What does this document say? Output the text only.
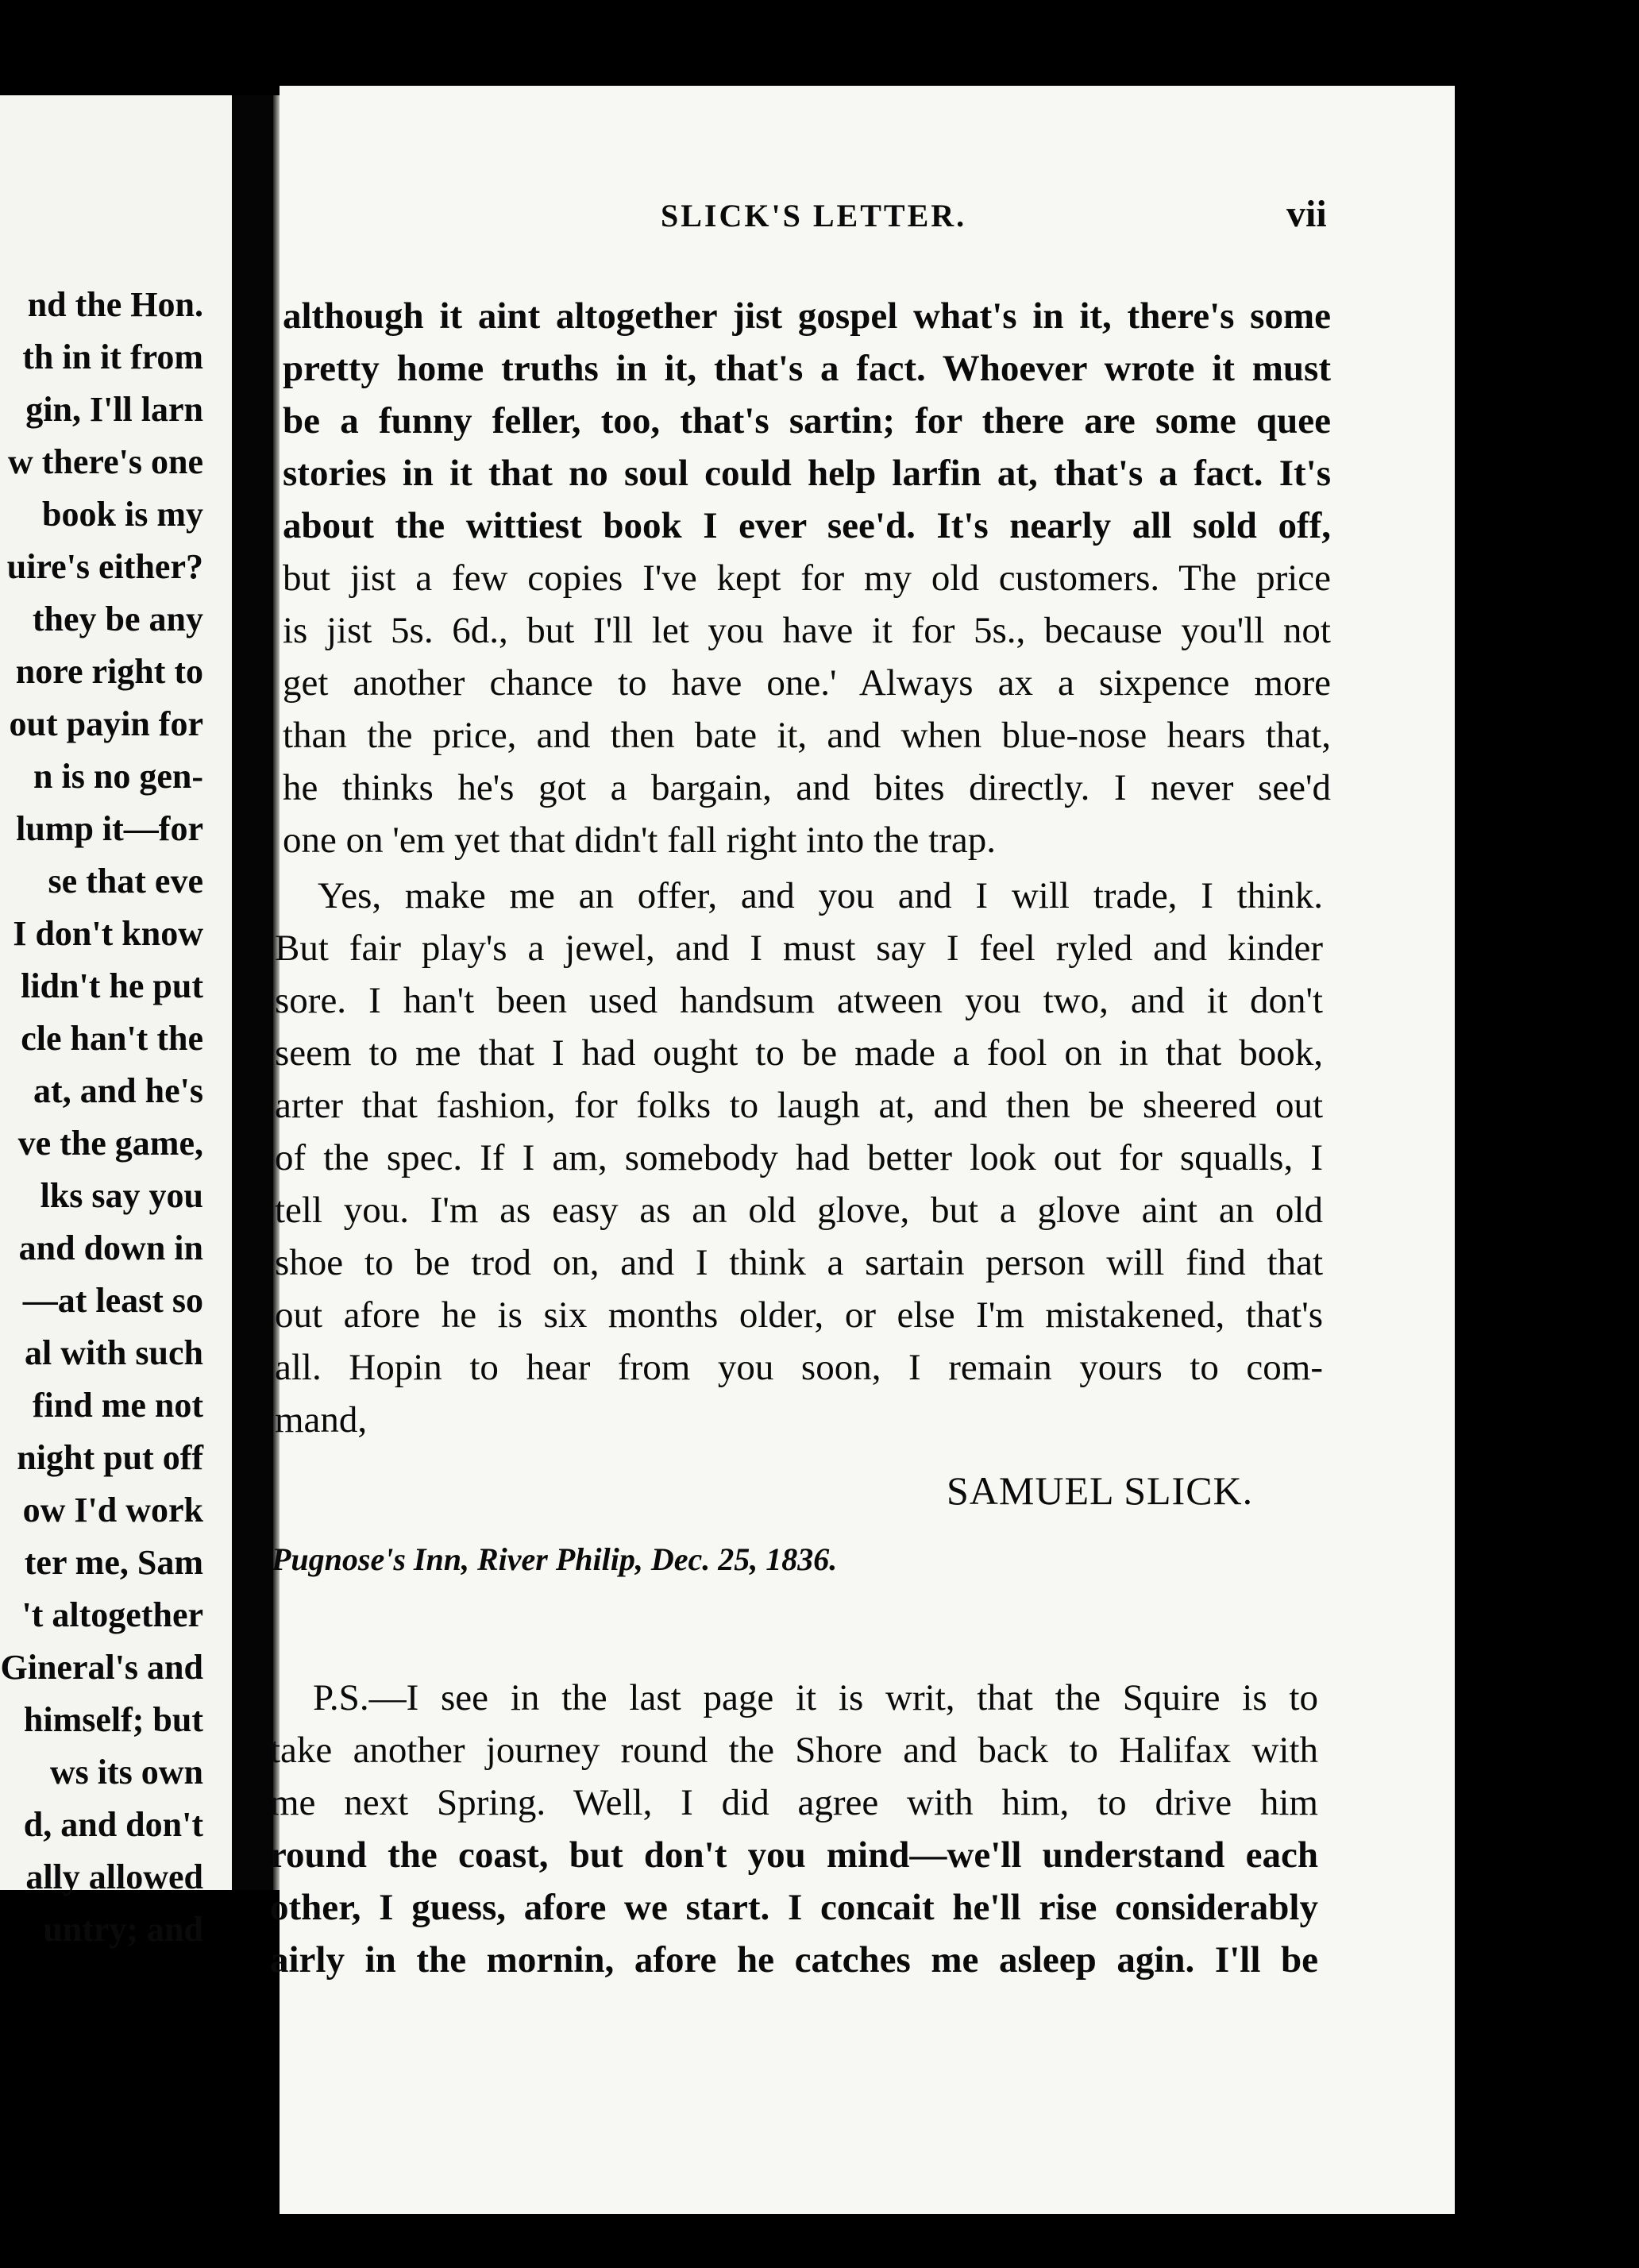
nd the Hon.
th in it from
gin, I'll larn
w there's one
book is my
uire's either?
they be any
nore right to
out payin for
n is no gen-
lump it—for
se that eve
I don't know
lidn't he put
cle han't the
at, and he's
ve the game,
lks say you
and down in
—at least so
al with such
find me not
night put off
ow I'd work
ter me, Sam
't altogether
Gineral's and
himself; but
ws its own
d, and don't
ally allowed
untry; and
SLICK'S LETTER.	vii
although it aint altogether jist gospel what's in it, there's some
pretty home truths in it, that's a fact. Whoever wrote it must
be a funny feller, too, that's sartin; for there are some quee
stories in it that no soul could help larfin at, that's a fact. It's
about the wittiest book I ever see'd. It's nearly all sold off,
but jist a few copies I've kept for my old customers. The price
is jist 5s. 6d., but I'll let you have it for 5s., because you'll not
get another chance to have one.' Always ax a sixpence more
than the price, and then bate it, and when blue-nose hears that,
he thinks he's got a bargain, and bites directly. I never see'd
one on 'em yet that didn't fall right into the trap.
Yes, make me an offer, and you and I will trade, I think.
But fair play's a jewel, and I must say I feel ryled and kinder
sore. I han't been used handsum atween you two, and it don't
seem to me that I had ought to be made a fool on in that book,
arter that fashion, for folks to laugh at, and then be sheered out
of the spec. If I am, somebody had better look out for squalls, I
tell you. I'm as easy as an old glove, but a glove aint an old
shoe to be trod on, and I think a sartain person will find that
out afore he is six months older, or else I'm mistakened, that's
all. Hopin to hear from you soon, I remain yours to com-
mand,
SAMUEL SLICK.
Pugnose's Inn, River Philip, Dec. 25, 1836.
P.S.—I see in the last page it is writ, that the Squire is to
take another journey round the Shore and back to Halifax with
me next Spring. Well, I did agree with him, to drive him
round the coast, but don't you mind—we'll understand each
other, I guess, afore we start. I concait he'll rise considerably
airly in the mornin, afore he catches me asleep agin. I'll be
